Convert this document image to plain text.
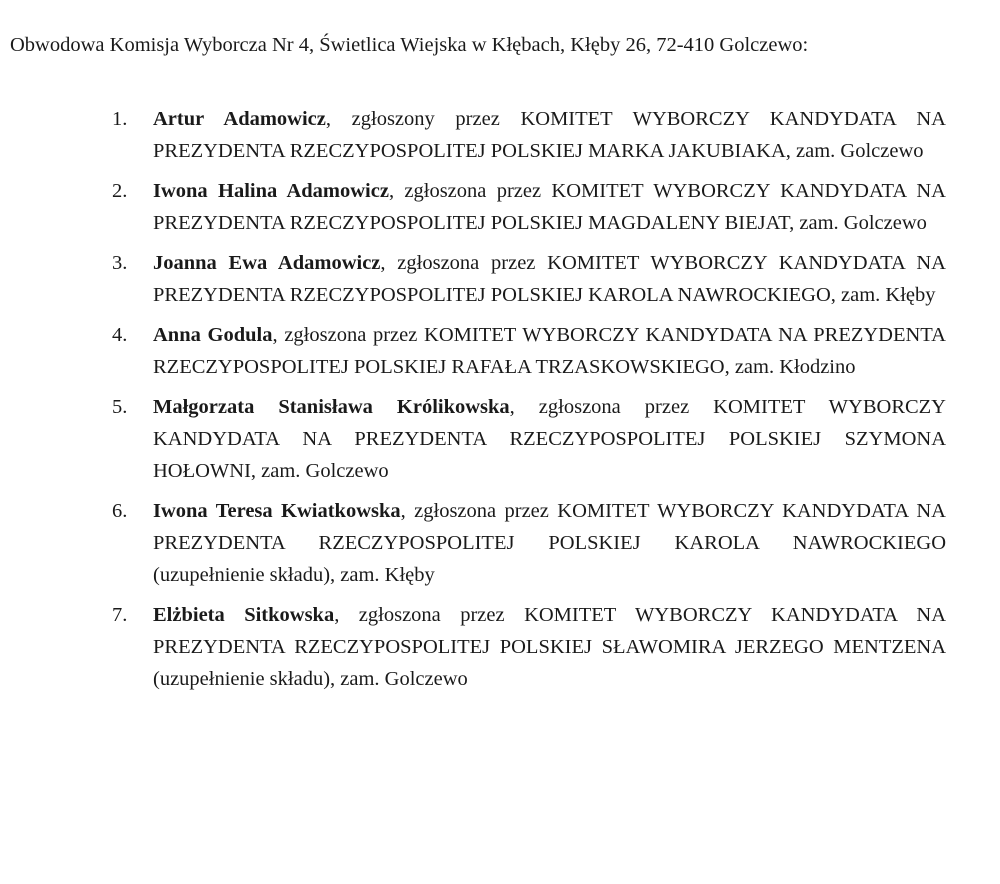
Obwodowa Komisja Wyborcza Nr 4, Świetlica Wiejska w Kłębach, Kłęby 26, 72-410 Golczewo:
1. Artur Adamowicz, zgłoszony przez KOMITET WYBORCZY KANDYDATA NA PREZYDENTA RZECZYPOSPOLITEJ POLSKIEJ MARKA JAKUBIAKA, zam. Golczewo
2. Iwona Halina Adamowicz, zgłoszona przez KOMITET WYBORCZY KANDYDATA NA PREZYDENTA RZECZYPOSPOLITEJ POLSKIEJ MAGDALENY BIEJAT, zam. Golczewo
3. Joanna Ewa Adamowicz, zgłoszona przez KOMITET WYBORCZY KANDYDATA NA PREZYDENTA RZECZYPOSPOLITEJ POLSKIEJ KAROLA NAWROCKIEGO, zam. Kłęby
4. Anna Godula, zgłoszona przez KOMITET WYBORCZY KANDYDATA NA PREZYDENTA RZECZYPOSPOLITEJ POLSKIEJ RAFAŁA TRZASKOWSKIEGO, zam. Kłodzino
5. Małgorzata Stanisława Królikowska, zgłoszona przez KOMITET WYBORCZY KANDYDATA NA PREZYDENTA RZECZYPOSPOLITEJ POLSKIEJ SZYMONA HOŁOWNI, zam. Golczewo
6. Iwona Teresa Kwiatkowska, zgłoszona przez KOMITET WYBORCZY KANDYDATA NA PREZYDENTA RZECZYPOSPOLITEJ POLSKIEJ KAROLA NAWROCKIEGO (uzupełnienie składu), zam. Kłęby
7. Elżbieta Sitkowska, zgłoszona przez KOMITET WYBORCZY KANDYDATA NA PREZYDENTA RZECZYPOSPOLITEJ POLSKIEJ SŁAWOMIRA JERZEGO MENTZENA (uzupełnienie składu), zam. Golczewo
